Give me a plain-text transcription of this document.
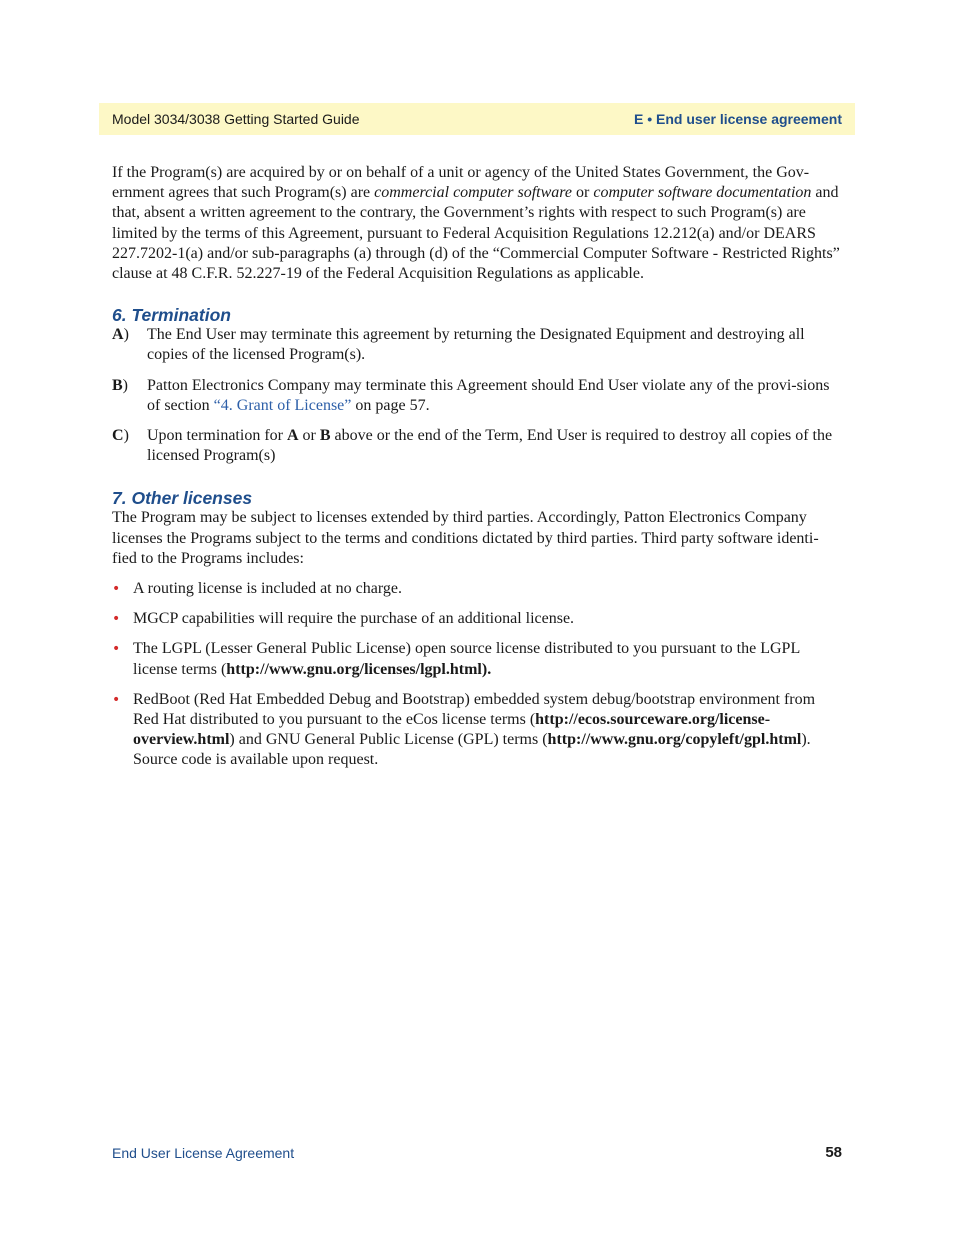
Model 3034/3038 Getting Started Guide	E • End user license agreement

If the Program(s) are acquired by or on behalf of a unit or agency of the United States Government, the Gov-ernment agrees that such Program(s) are commercial computer software or computer software documentation and that, absent a written agreement to the contrary, the Government’s rights with respect to such Program(s) are limited by the terms of this Agreement, pursuant to Federal Acquisition Regulations 12.212(a) and/or DEARS 227.7202-1(a) and/or sub-paragraphs (a) through (d) of the “Commercial Computer Software - Restricted Rights” clause at 48 C.F.R. 52.227-19 of the Federal Acquisition Regulations as applicable.

6. Termination
A)	The End User may terminate this agreement by returning the Designated Equipment and destroying all copies of the licensed Program(s).
B)	Patton Electronics Company may terminate this Agreement should End User violate any of the provi-sions of section “4. Grant of License” on page 57.
C)	Upon termination for A or B above or the end of the Term, End User is required to destroy all copies of the licensed Program(s)
7. Other licenses

The Program may be subject to licenses extended by third parties. Accordingly, Patton Electronics Company licenses the Programs subject to the terms and conditions dictated by third parties. Third party software identi-fied to the Programs includes:

• A routing license is included at no charge.
• MGCP capabilities will require the purchase of an additional license.
• The LGPL (Lesser General Public License) open source license distributed to you pursuant to the LGPL license terms (http://www.gnu.org/licenses/lgpl.html).
• RedBoot (Red Hat Embedded Debug and Bootstrap) embedded system debug/bootstrap environment from Red Hat distributed to you pursuant to the eCos license terms (http://ecos.sourceware.org/license-overview.html) and GNU General Public License (GPL) terms (http://www.gnu.org/copyleft/gpl.html). Source code is available upon request.
End User License Agreement	58
